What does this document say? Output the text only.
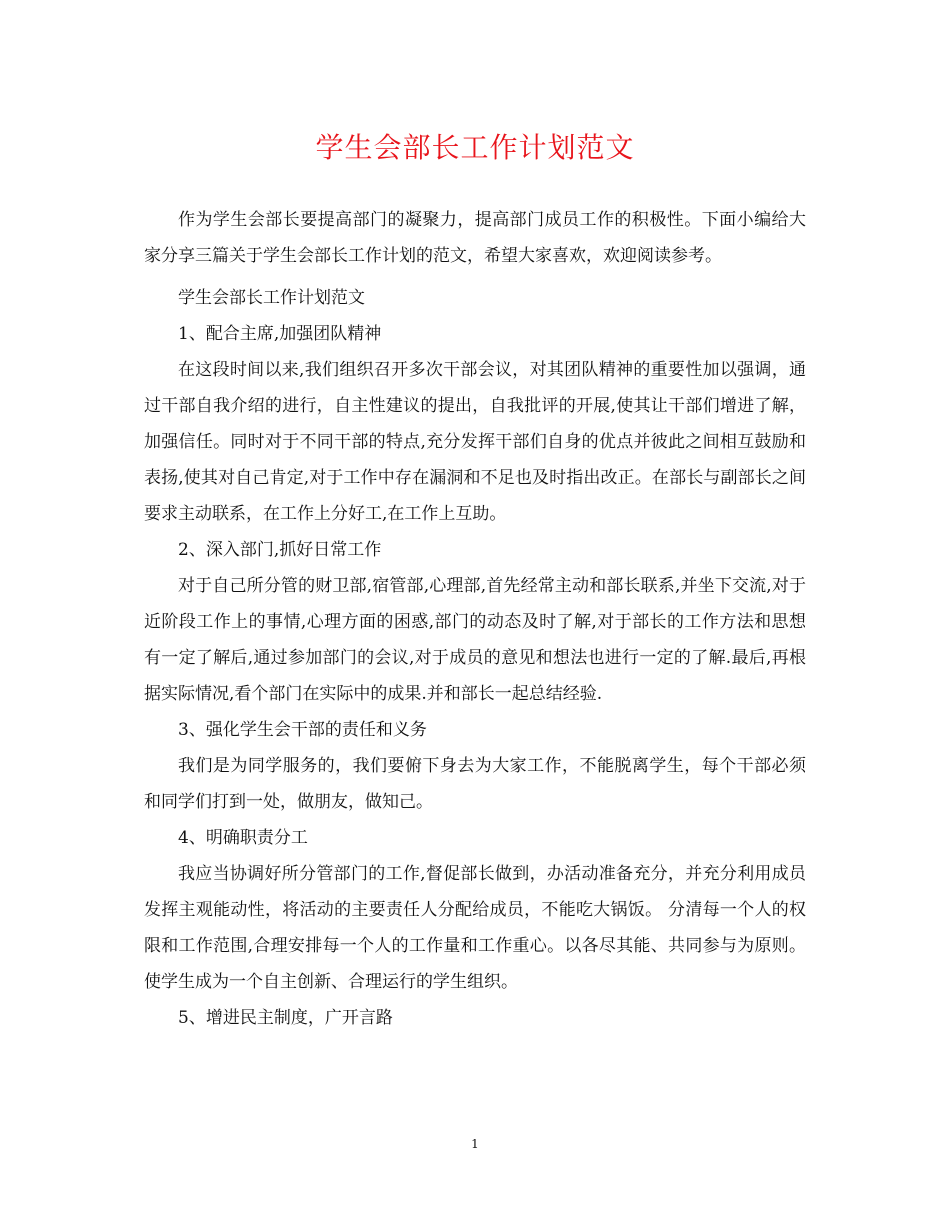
学生会部长工作计划范文

作为学生会部长要提高部门的凝聚力，提高部门成员工作的积极性。下面小编给大家分享三篇关于学生会部长工作计划的范文，希望大家喜欢，欢迎阅读参考。

学生会部长工作计划范文

1、配合主席,加强团队精神

在这段时间以来,我们组织召开多次干部会议，对其团队精神的重要性加以强调，通过干部自我介绍的进行，自主性建议的提出，自我批评的开展,使其让干部们增进了解，加强信任。同时对于不同干部的特点,充分发挥干部们自身的优点并彼此之间相互鼓励和表扬,使其对自己肯定,对于工作中存在漏洞和不足也及时指出改正。在部长与副部长之间要求主动联系，在工作上分好工,在工作上互助。

2、深入部门,抓好日常工作

对于自己所分管的财卫部,宿管部,心理部,首先经常主动和部长联系,并坐下交流,对于近阶段工作上的事情,心理方面的困惑,部门的动态及时了解,对于部长的工作方法和思想有一定了解后,通过参加部门的会议,对于成员的意见和想法也进行一定的了解.最后,再根据实际情况,看个部门在实际中的成果.并和部长一起总结经验.

3、强化学生会干部的责任和义务

我们是为同学服务的，我们要俯下身去为大家工作，不能脱离学生，每个干部必须和同学们打到一处，做朋友，做知己。

4、明确职责分工

我应当协调好所分管部门的工作,督促部长做到，办活动准备充分，并充分利用成员发挥主观能动性，将活动的主要责任人分配给成员，不能吃大锅饭。 分清每一个人的权限和工作范围,合理安排每一个人的工作量和工作重心。以各尽其能、共同参与为原则。使学生成为一个自主创新、合理运行的学生组织。

5、增进民主制度，广开言路

1
